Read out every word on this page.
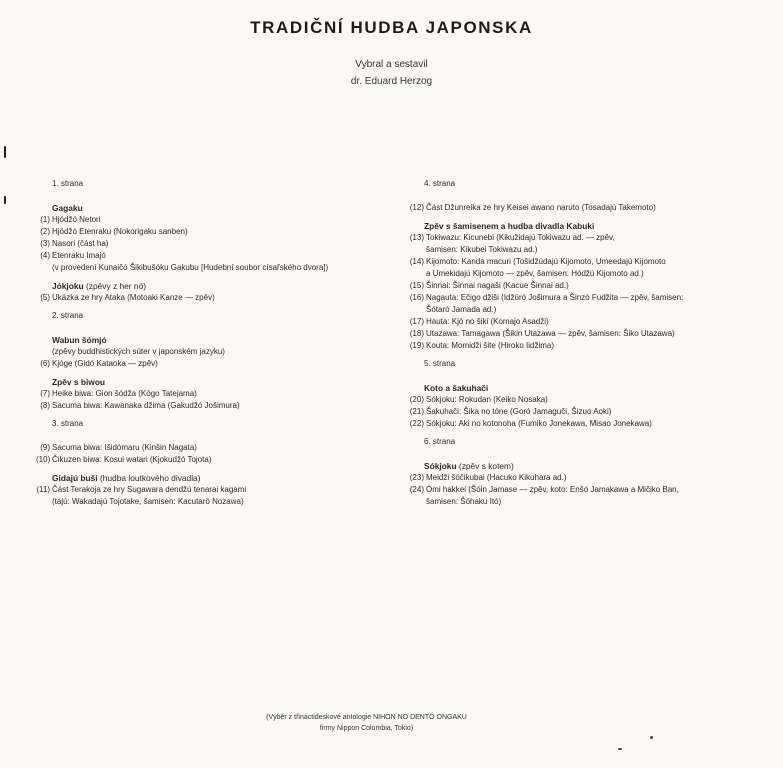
TRADIČNÍ HUDBA JAPONSKA
Vybral a sestavil
dr. Eduard Herzog
1. strana
Gagaku
(1) Hjódžó Netori
(2) Hjódžó Etenraku (Nokorigaku sanben)
(3) Nasori (část ha)
(4) Etenraku Imajó
(v provedení Kunaičó Šikibušóku Gakubu [Hudební soubor císařského dvora])
Jókjoku (zpěvy z her nó)
(5) Ukázka ze hry Ataka (Motoaki Kanze — zpěv)
2. strana
Wabun šómjó
(zpěvy buddhistických súter v japonském jazyku)
(6) Kjóge (Gidó Kataoka — zpěv)
Zpěv s biwou
(7) Heike biwa: Gion šódža (Kógo Tatejama)
(8) Sacuma biwa: Kawanaka džima (Gakudžó Jošimura)
3. strana
(9) Sacuma biwa: Išidómaru (Kinšin Nagata)
(10) Čikuzen biwa: Kosui watari (Kjokudžó Tojota)
Gidajú buši (hudba loutkového divadla)
(11) Část Terakoja ze hry Sugawara dendžú tenarai kagami
(tajú: Wakadajú Tojotake, šamisen: Kacutaró Nozawa)
4. strana
(12) Část Džunreika ze hry Keisei awano naruto (Tosadajú Takemoto)
Zpěv s šamisenem a hudba divadla Kabuki
(13) Tokiwazu: Kicunebi (Kikužidajú Tokiwazu ad. — zpěv,
šamisen: Kikubei Tokiwazu ad.)
(14) Kijomoto: Kanda macuri (Tošidžúdajú Kijomoto, Umeedajú Kijomoto
a Umekidajú Kijomoto — zpěv, šamisen: Hódžú Kijomoto ad.)
(15) Šinnai: Šinnai nagaši (Kacue Šinnai ad.)
(16) Nagauta: Ečigo džiši (Idžúró Jošimura a Šinzó Fudžita — zpěv, šamisen:
Šótaró Jamada ad.)
(17) Hauta: Kjó no šiki (Komajo Asadži)
(18) Utazawa: Tamagawa (Šikin Utazawa — zpěv, šamisen: Šiko Utazawa)
(19) Kouta: Momidži šite (Hiroko Iidžima)
5. strana
Koto a šakuhači
(20) Sókjoku: Rokudan (Keiko Nosaka)
(21) Šakuhači: Šika no tóne (Goró Jamaguči, Šizuo Aoki)
(22) Sókjoku: Aki no kotonoha (Fumiko Jonekawa, Misao Jonekawa)
6. strana
Sókjoku (zpěv s kotem)
(23) Meidži šóčikubai (Hacuko Kikuhara ad.)
(24) Ómi hakkei (Šóin Jamase — zpěv, koto: Enšó Jamakawa a Mičiko Ban,
šamisen: Šóhaku Itó)
(Výběr z třináctideskové antologie NIHON NO DENTÓ ONGAKU
firmy Nippon Columbia, Tokio)
